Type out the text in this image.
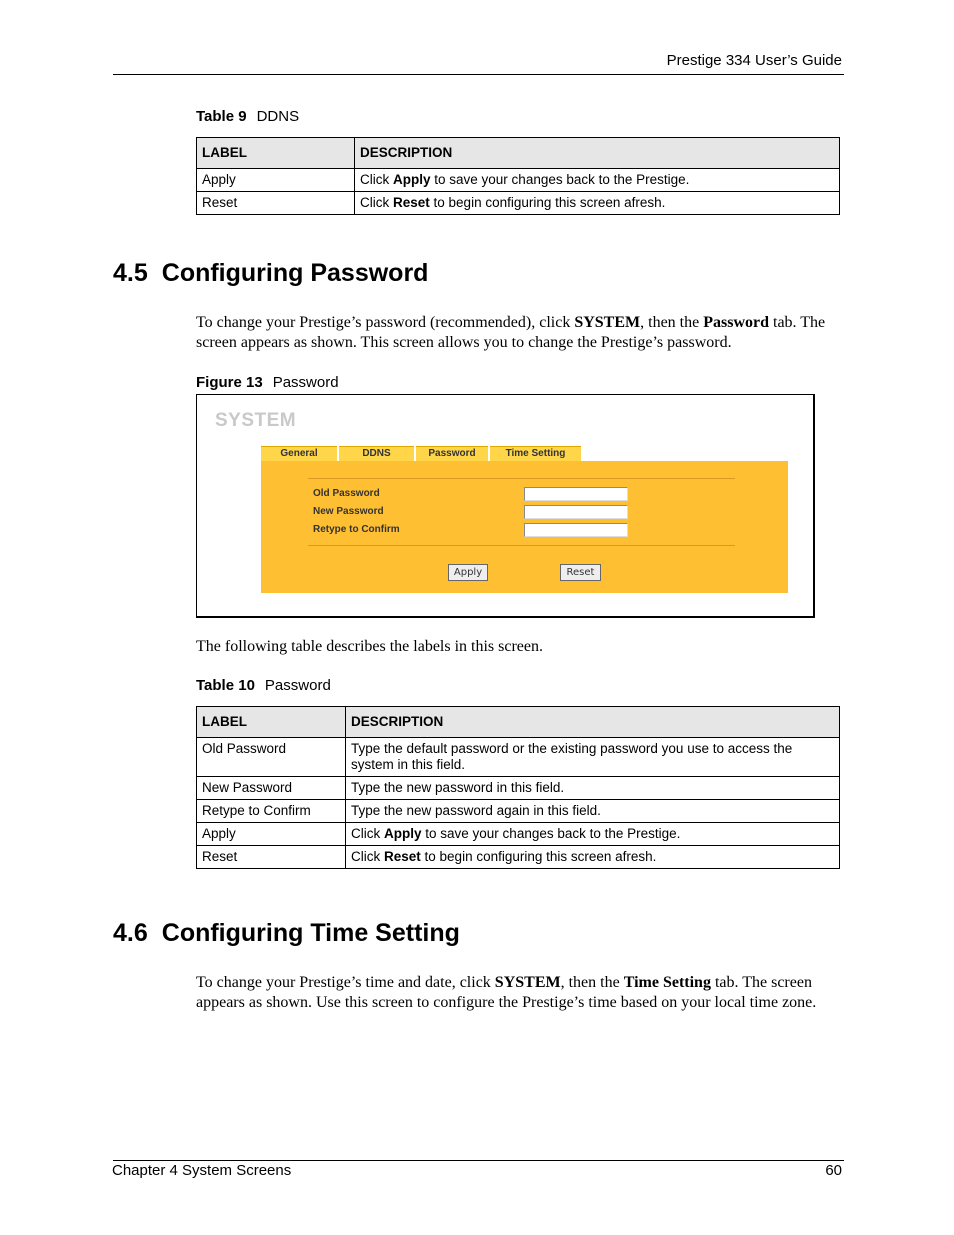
Prestige 334 User’s Guide
Table 9 DDNS
LABEL	DESCRIPTION
Apply	Click Apply to save your changes back to the Prestige.
Reset	Click Reset to begin configuring this screen afresh.
4.5 Configuring Password
To change your Prestige’s password (recommended), click SYSTEM, then the Password tab. The screen appears as shown. This screen allows you to change the Prestige’s password.
Figure 13 Password
SYSTEM
General	DDNS	Password	Time Setting
Old Password
New Password
Retype to Confirm
Apply	Reset
The following table describes the labels in this screen.
Table 10 Password
LABEL	DESCRIPTION
Old Password	Type the default password or the existing password you use to access the system in this field.
New Password	Type the new password in this field.
Retype to Confirm	Type the new password again in this field.
Apply	Click Apply to save your changes back to the Prestige.
Reset	Click Reset to begin configuring this screen afresh.
4.6 Configuring Time Setting
To change your Prestige’s time and date, click SYSTEM, then the Time Setting tab. The screen appears as shown. Use this screen to configure the Prestige’s time based on your local time zone.
Chapter 4 System Screens	60
